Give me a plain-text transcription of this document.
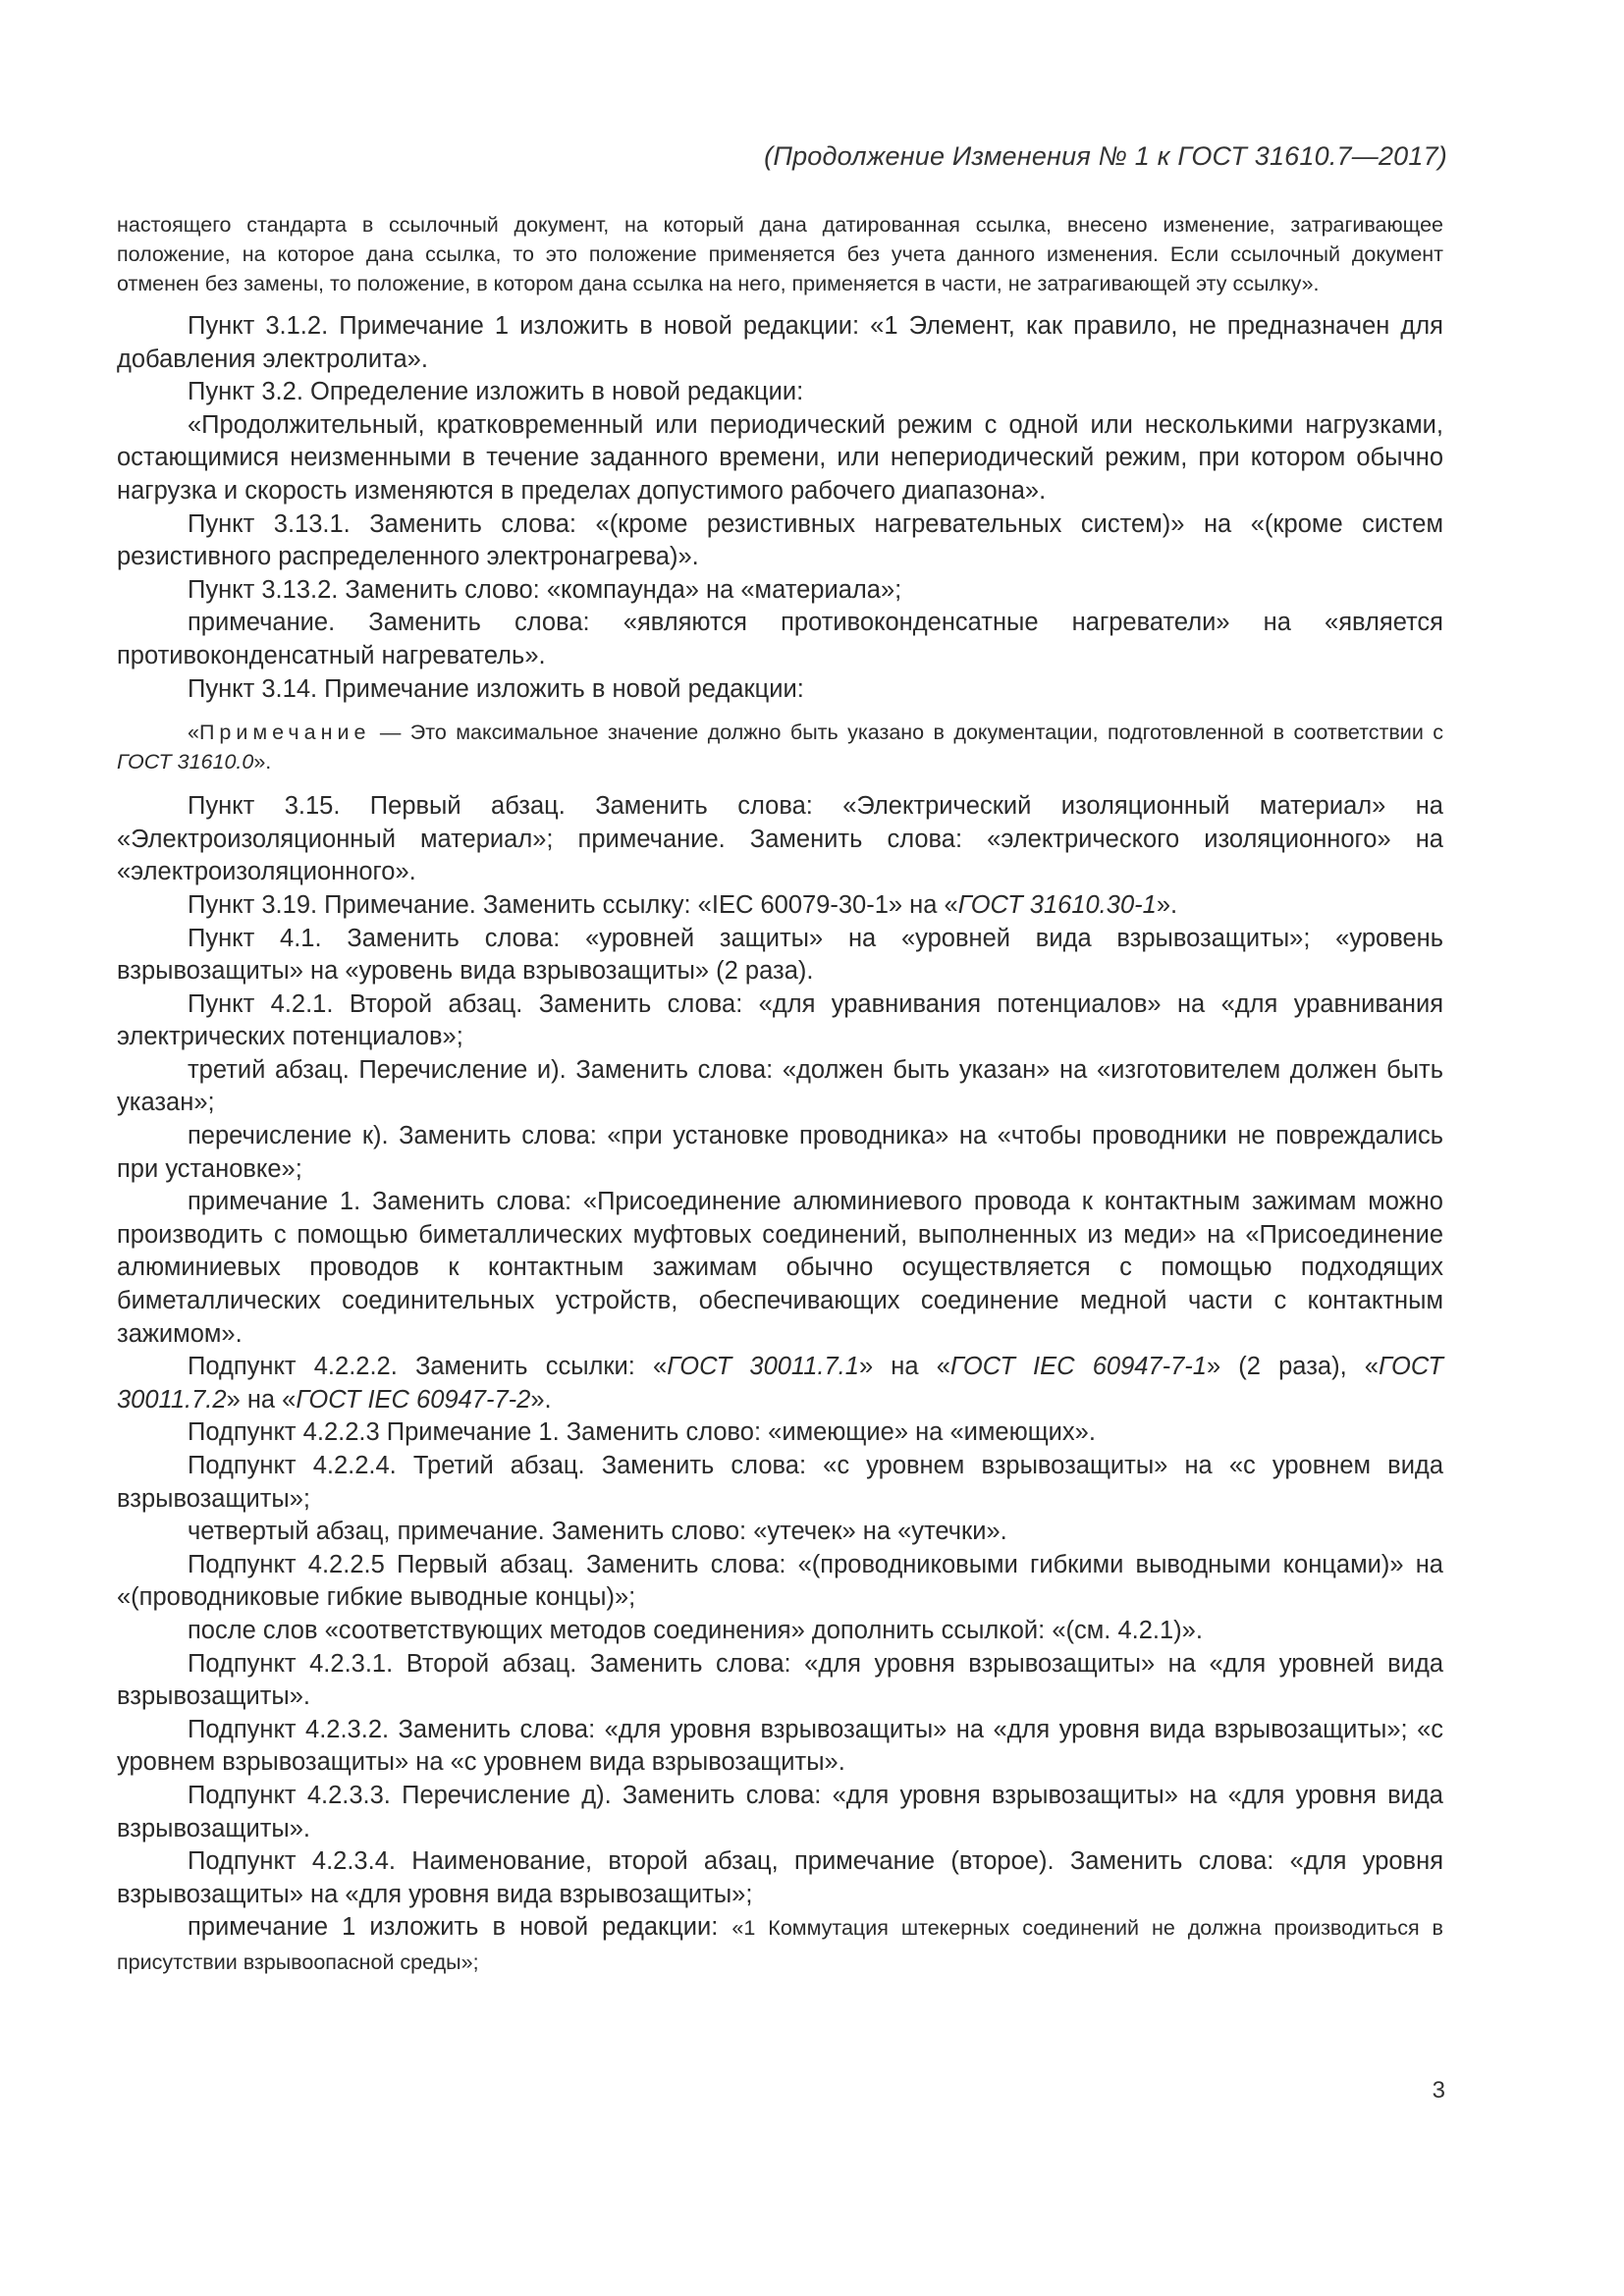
(Продолжение Изменения № 1 к ГОСТ 31610.7—2017)

настоящего стандарта в ссылочный документ, на который дана датированная ссылка, внесено изменение, затрагивающее положение, на которое дана ссылка, то это положение применяется без учета данного изменения. Если ссылочный документ отменен без замены, то положение, в котором дана ссылка на него, применяется в части, не затрагивающей эту ссылку».

Пункт 3.1.2. Примечание 1 изложить в новой редакции: «1 Элемент, как правило, не предназначен для добавления электролита».

Пункт 3.2. Определение изложить в новой редакции:

«Продолжительный, кратковременный или периодический режим с одной или несколькими нагрузками, остающимися неизменными в течение заданного времени, или непериодический режим, при котором обычно нагрузка и скорость изменяются в пределах допустимого рабочего диапазона».

Пункт 3.13.1. Заменить слова: «(кроме резистивных нагревательных систем)» на «(кроме систем резистивного распределенного электронагрева)».

Пункт 3.13.2. Заменить слово: «компаунда» на «материала»;

примечание. Заменить слова: «являются противоконденсатные нагреватели» на «является противоконденсатный нагреватель».

Пункт 3.14. Примечание изложить в новой редакции:

«Примечание — Это максимальное значение должно быть указано в документации, подготовленной в соответствии с ГОСТ 31610.0».

Пункт 3.15. Первый абзац. Заменить слова: «Электрический изоляционный материал» на «Электроизоляционный материал»; примечание. Заменить слова: «электрического изоляционного» на «электроизоляционного».

Пункт 3.19. Примечание. Заменить ссылку: «IEC 60079-30-1» на «ГОСТ 31610.30-1».

Пункт 4.1. Заменить слова: «уровней защиты» на «уровней вида взрывозащиты»; «уровень взрывозащиты» на «уровень вида взрывозащиты» (2 раза).

Пункт 4.2.1. Второй абзац. Заменить слова: «для уравнивания потенциалов» на «для уравнивания электрических потенциалов»;

третий абзац. Перечисление и). Заменить слова: «должен быть указан» на «изготовителем должен быть указан»;

перечисление к). Заменить слова: «при установке проводника» на «чтобы проводники не повреждались при установке»;

примечание 1. Заменить слова: «Присоединение алюминиевого провода к контактным зажимам можно производить с помощью биметаллических муфтовых соединений, выполненных из меди» на «Присоединение алюминиевых проводов к контактным зажимам обычно осуществляется с помощью подходящих биметаллических соединительных устройств, обеспечивающих соединение медной части с контактным зажимом».

Подпункт 4.2.2.2. Заменить ссылки: «ГОСТ 30011.7.1» на «ГОСТ IEC 60947-7-1» (2 раза), «ГОСТ 30011.7.2» на «ГОСТ IEC 60947-7-2».

Подпункт 4.2.2.3 Примечание 1. Заменить слово: «имеющие» на «имеющих».

Подпункт 4.2.2.4. Третий абзац. Заменить слова: «с уровнем взрывозащиты» на «с уровнем вида взрывозащиты»;

четвертый абзац, примечание. Заменить слово: «утечек» на «утечки».

Подпункт 4.2.2.5 Первый абзац. Заменить слова: «(проводниковыми гибкими выводными концами)» на «(проводниковые гибкие выводные концы)»;

после слов «соответствующих методов соединения» дополнить ссылкой: «(см. 4.2.1)».

Подпункт 4.2.3.1. Второй абзац. Заменить слова: «для уровня взрывозащиты» на «для уровней вида взрывозащиты».

Подпункт 4.2.3.2. Заменить слова: «для уровня взрывозащиты» на «для уровня вида взрывозащиты»; «с уровнем взрывозащиты» на «с уровнем вида взрывозащиты».

Подпункт 4.2.3.3. Перечисление д). Заменить слова: «для уровня взрывозащиты» на «для уровня вида взрывозащиты».

Подпункт 4.2.3.4. Наименование, второй абзац, примечание (второе). Заменить слова: «для уровня взрывозащиты» на «для уровня вида взрывозащиты»;

примечание 1 изложить в новой редакции: «1 Коммутация штекерных соединений не должна производиться в присутствии взрывоопасной среды»;

3
